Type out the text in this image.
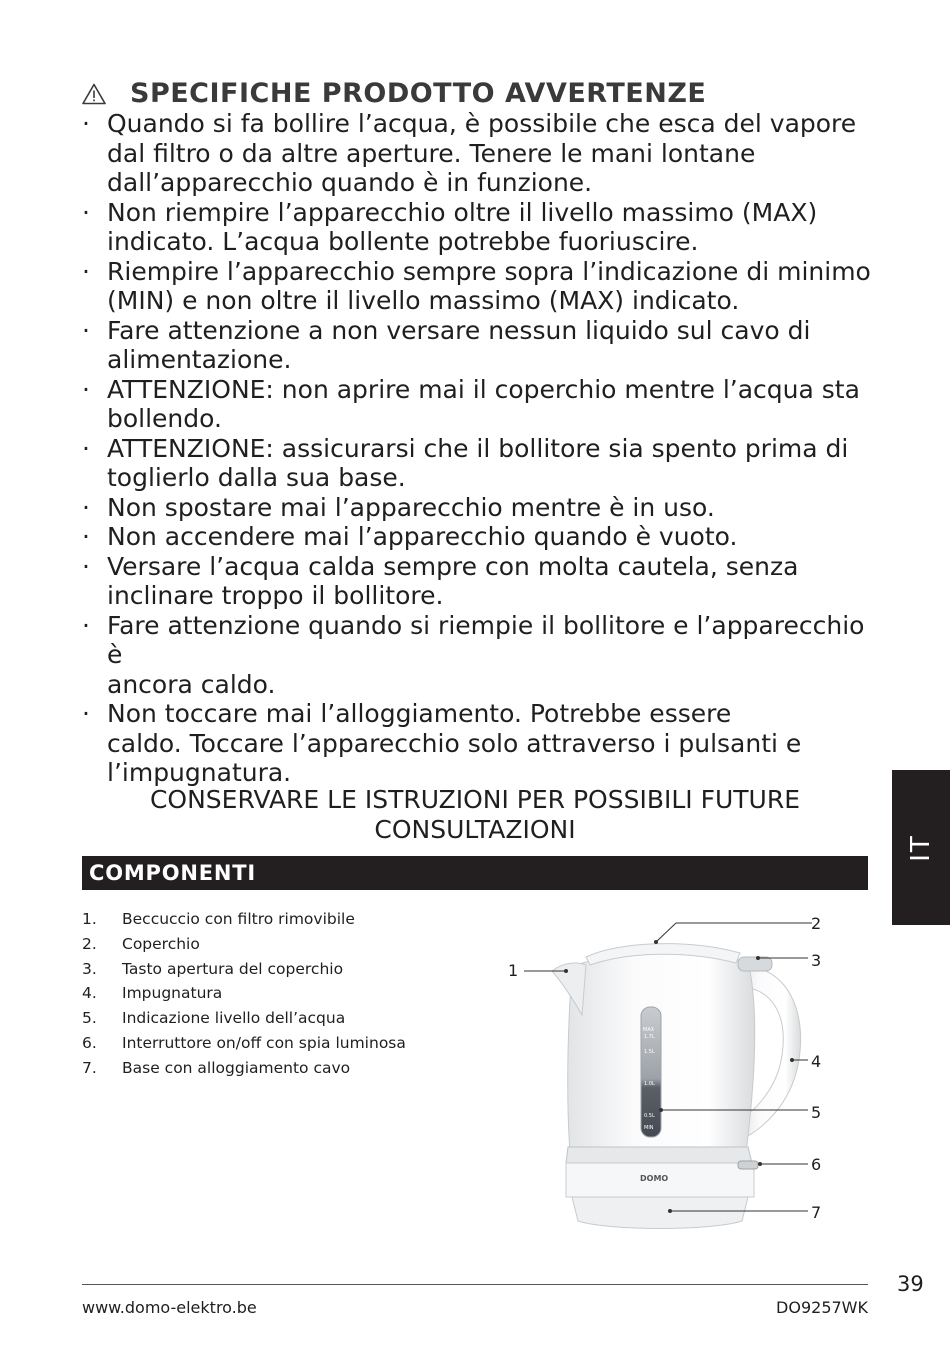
SPECIFICHE PRODOTTO AVVERTENZE
· Quando si fa bollire l’acqua, è possibile che esca del vapore
dal filtro o da altre aperture. Tenere le mani lontane
dall’apparecchio quando è in funzione.
· Non riempire l’apparecchio oltre il livello massimo (MAX)
indicato. L’acqua bollente potrebbe fuoriuscire.
· Riempire l’apparecchio sempre sopra l’indicazione di minimo
(MIN) e non oltre il livello massimo (MAX) indicato.
· Fare attenzione a non versare nessun liquido sul cavo di
alimentazione.
· ATTENZIONE: non aprire mai il coperchio mentre l’acqua sta
bollendo.
· ATTENZIONE: assicurarsi che il bollitore sia spento prima di
toglierlo dalla sua base.
· Non spostare mai l’apparecchio mentre è in uso.
· Non accendere mai l’apparecchio quando è vuoto.
· Versare l’acqua calda sempre con molta cautela, senza
inclinare troppo il bollitore.
· Fare attenzione quando si riempie il bollitore e l’apparecchio è
ancora caldo.
· Non toccare mai l’alloggiamento. Potrebbe essere
caldo. Toccare l’apparecchio solo attraverso i pulsanti e
l’impugnatura.
CONSERVARE LE ISTRUZIONI PER POSSIBILI FUTURE
CONSULTAZIONI
COMPONENTI
1.	Beccuccio con filtro rimovibile
2.	Coperchio
3.	Tasto apertura del coperchio
4.	Impugnatura
5.	Indicazione livello dell’acqua
6.	Interruttore on/off con spia luminosa
7.	Base con alloggiamento cavo
IT
MAX
1.7L
1.5L
1.0L
0.5L
MIN
DOMO
1
2
3
4
5
6
7
39
www.domo-elektro.be	DO9257WK
